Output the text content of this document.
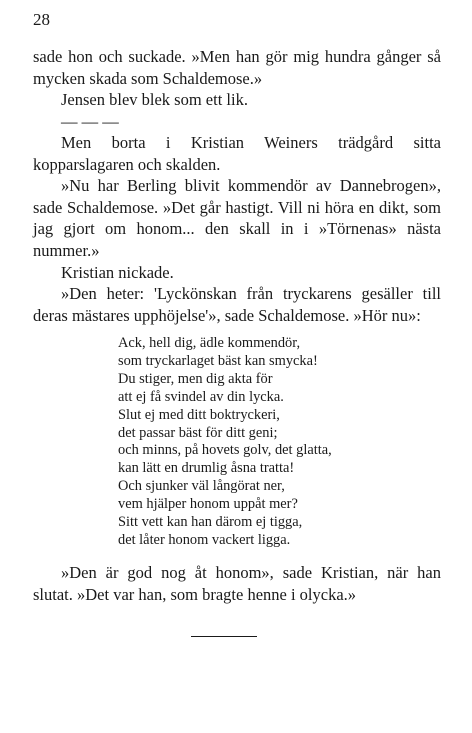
28

sade hon och suckade. »Men han gör mig hundra gånger så mycken skada som Schaldemose.»

Jensen blev blek som ett lik.

— — —

Men borta i Kristian Weiners trädgård sitta kopparslagaren och skalden.

»Nu har Berling blivit kommendör av Dannebrogen», sade Schaldemose. »Det går hastigt. Vill ni höra en dikt, som jag gjort om honom... den skall in i »Törnenas» nästa nummer.»

Kristian nickade.

»Den heter: 'Lyckönskan från tryckarens gesäller till deras mästares upphöjelse'», sade Schaldemose. »Hör nu»:

Ack, hell dig, ädle kommendör,
som tryckarlaget bäst kan smycka!
Du stiger, men dig akta för
att ej få svindel av din lycka.
Slut ej med ditt boktryckeri,
det passar bäst för ditt geni;
och minns, på hovets golv, det glatta,
kan lätt en drumlig åsna tratta!
Och sjunker väl långörat ner,
vem hjälper honom uppåt mer?
Sitt vett kan han därom ej tigga,
det låter honom vackert ligga.

»Den är god nog åt honom», sade Kristian, när han slutat. »Det var han, som bragte henne i olycka.»
